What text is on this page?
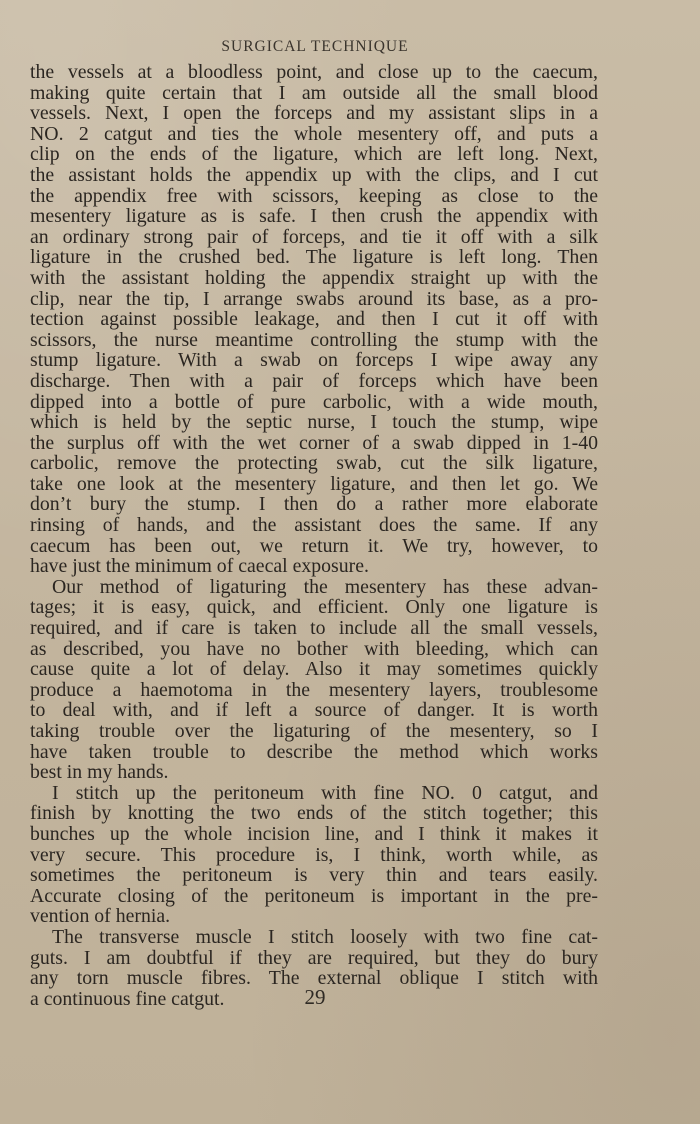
SURGICAL TECHNIQUE
the vessels at a bloodless point, and close up to the caecum,
making quite certain that I am outside all the small blood
vessels. Next, I open the forceps and my assistant slips in a
NO. 2 catgut and ties the whole mesentery off, and puts a
clip on the ends of the ligature, which are left long. Next,
the assistant holds the appendix up with the clips, and I cut
the appendix free with scissors, keeping as close to the
mesentery ligature as is safe. I then crush the appendix with
an ordinary strong pair of forceps, and tie it off with a silk
ligature in the crushed bed. The ligature is left long. Then
with the assistant holding the appendix straight up with the
clip, near the tip, I arrange swabs around its base, as a pro-
tection against possible leakage, and then I cut it off with
scissors, the nurse meantime controlling the stump with the
stump ligature. With a swab on forceps I wipe away any
discharge. Then with a pair of forceps which have been
dipped into a bottle of pure carbolic, with a wide mouth,
which is held by the septic nurse, I touch the stump, wipe
the surplus off with the wet corner of a swab dipped in 1-40
carbolic, remove the protecting swab, cut the silk ligature,
take one look at the mesentery ligature, and then let go. We
don’t bury the stump. I then do a rather more elaborate
rinsing of hands, and the assistant does the same. If any
caecum has been out, we return it. We try, however, to
have just the minimum of caecal exposure.
Our method of ligaturing the mesentery has these advan-
tages; it is easy, quick, and efficient. Only one ligature is
required, and if care is taken to include all the small vessels,
as described, you have no bother with bleeding, which can
cause quite a lot of delay. Also it may sometimes quickly
produce a haemotoma in the mesentery layers, troublesome
to deal with, and if left a source of danger. It is worth
taking trouble over the ligaturing of the mesentery, so I
have taken trouble to describe the method which works
best in my hands.
I stitch up the peritoneum with fine NO. 0 catgut, and
finish by knotting the two ends of the stitch together; this
bunches up the whole incision line, and I think it makes it
very secure. This procedure is, I think, worth while, as
sometimes the peritoneum is very thin and tears easily.
Accurate closing of the peritoneum is important in the pre-
vention of hernia.
The transverse muscle I stitch loosely with two fine cat-
guts. I am doubtful if they are required, but they do bury
any torn muscle fibres. The external oblique I stitch with
a continuous fine catgut.	29
